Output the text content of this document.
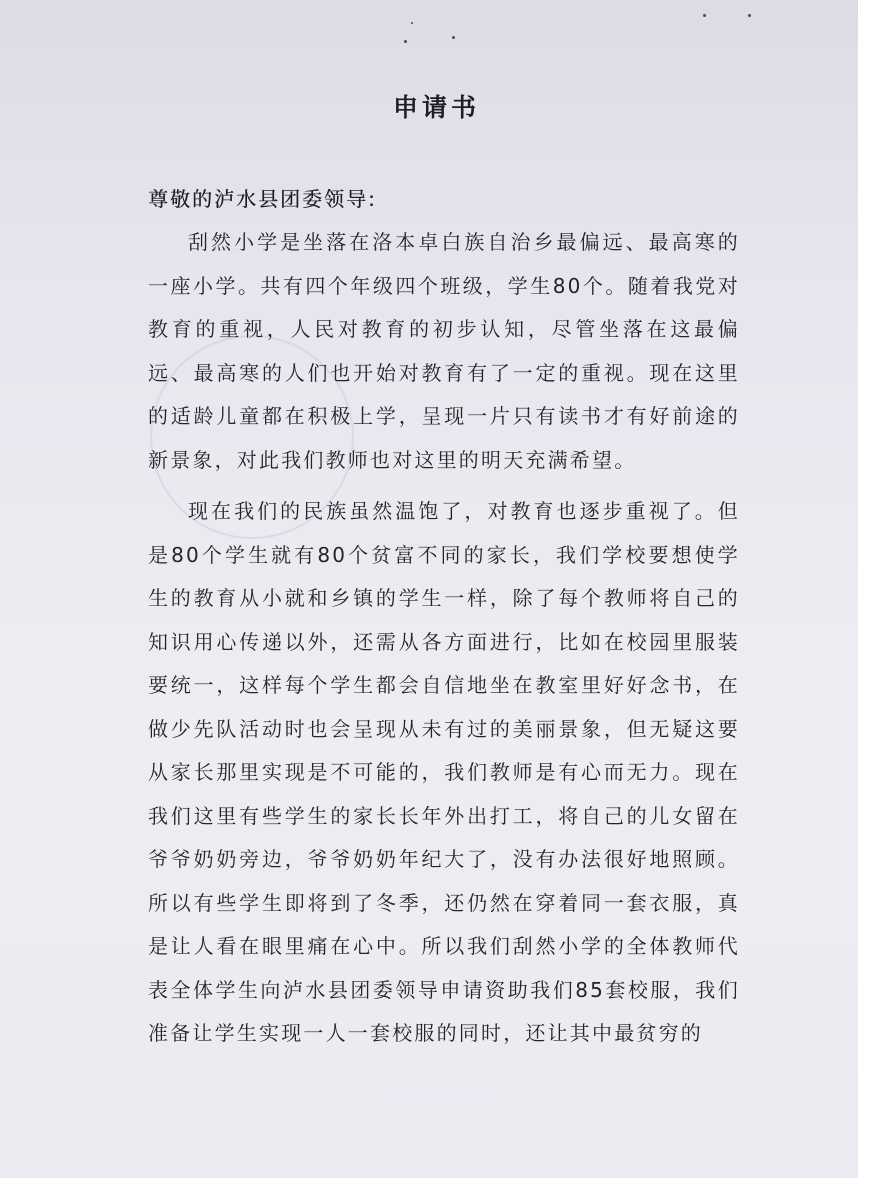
申请书
尊敬的泸水县团委领导:

刮然小学是坐落在洛本卓白族自治乡最偏远、最高寒的一座小学。共有四个年级四个班级，学生80个。随着我党对教育的重视，人民对教育的初步认知，尽管坐落在这最偏远、最高寒的人们也开始对教育有了一定的重视。现在这里的适龄儿童都在积极上学，呈现一片只有读书才有好前途的新景象，对此我们教师也对这里的明天充满希望。

现在我们的民族虽然温饱了，对教育也逐步重视了。但是80个学生就有80个贫富不同的家长，我们学校要想使学生的教育从小就和乡镇的学生一样，除了每个教师将自己的知识用心传递以外，还需从各方面进行，比如在校园里服装要统一，这样每个学生都会自信地坐在教室里好好念书，在做少先队活动时也会呈现从未有过的美丽景象，但无疑这要从家长那里实现是不可能的，我们教师是有心而无力。现在我们这里有些学生的家长长年外出打工，将自己的儿女留在爷爷奶奶旁边，爷爷奶奶年纪大了，没有办法很好地照顾。所以有些学生即将到了冬季，还仍然在穿着同一套衣服，真是让人看在眼里痛在心中。所以我们刮然小学的全体教师代表全体学生向泸水县团委领导申请资助我们85套校服，我们准备让学生实现一人一套校服的同时，还让其中最贫穷的
